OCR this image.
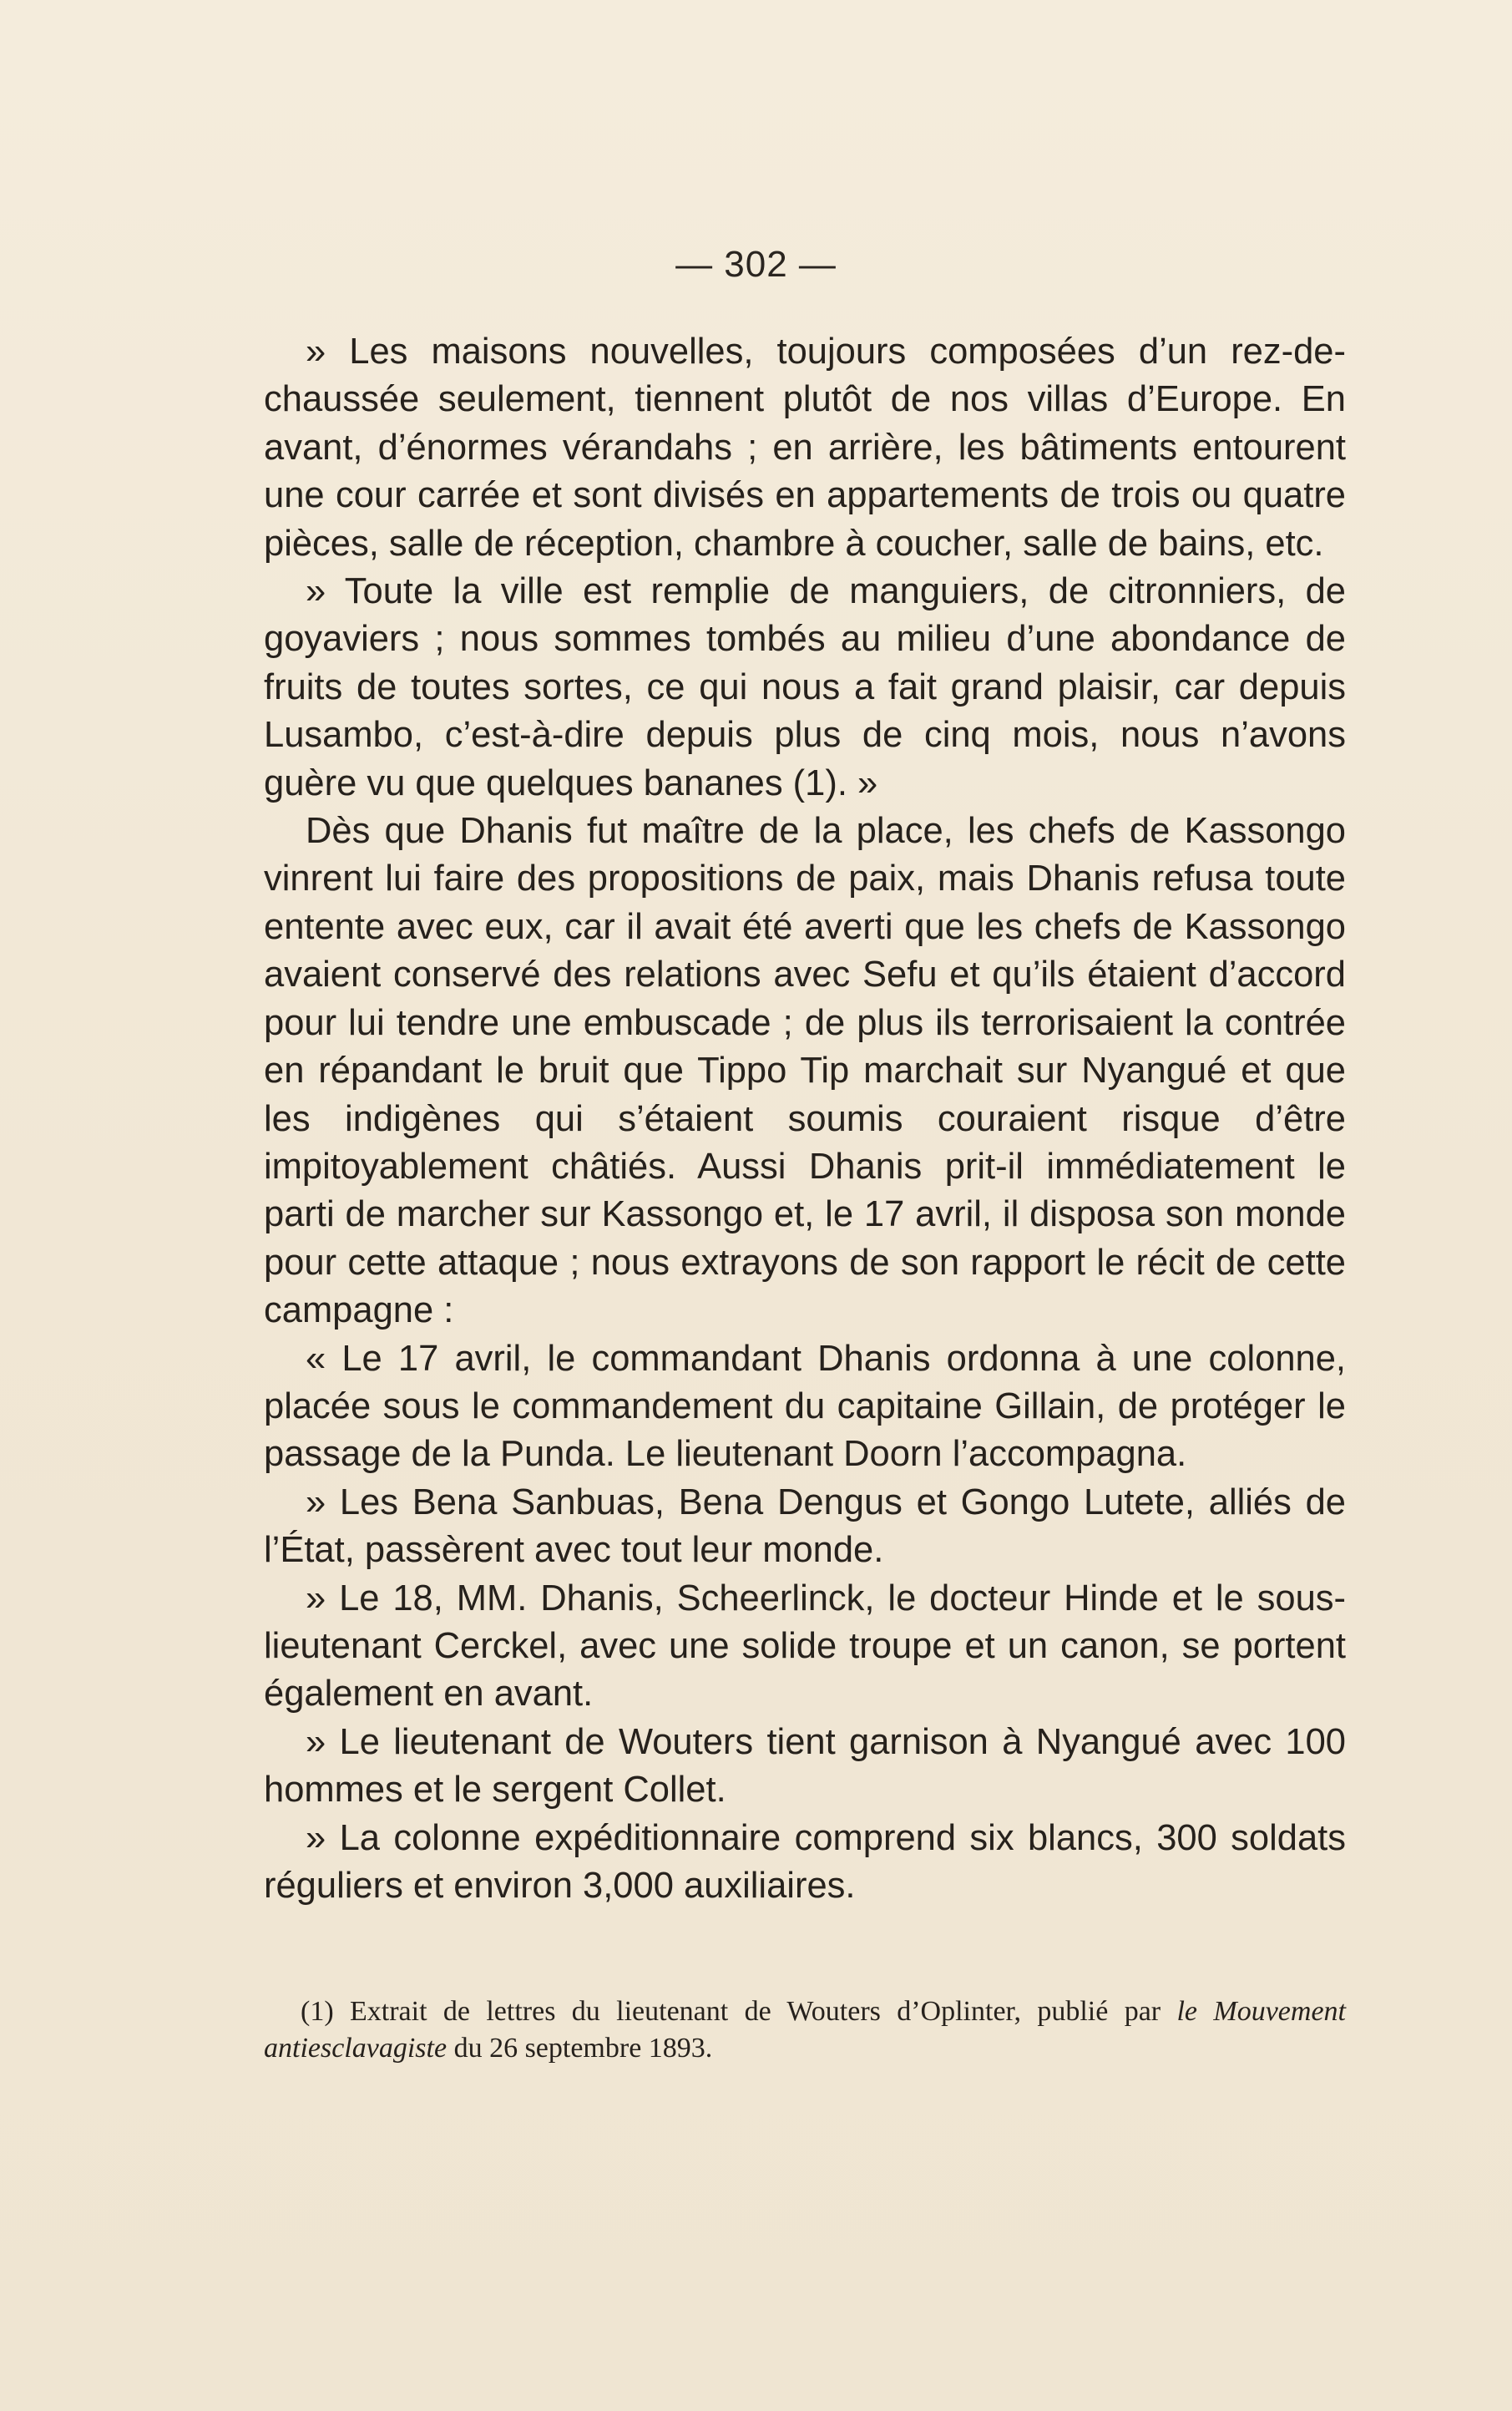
— 302 —

» Les maisons nouvelles, toujours composées d’un rez-de-chaussée seulement, tiennent plutôt de nos villas d’Europe. En avant, d’énormes vérandahs ; en arrière, les bâtiments entourent une cour carrée et sont divisés en appartements de trois ou quatre pièces, salle de réception, chambre à coucher, salle de bains, etc.

» Toute la ville est remplie de manguiers, de citronniers, de goyaviers ; nous sommes tombés au milieu d’une abondance de fruits de toutes sortes, ce qui nous a fait grand plaisir, car depuis Lusambo, c’est-à-dire depuis plus de cinq mois, nous n’avons guère vu que quelques bananes (1). »

Dès que Dhanis fut maître de la place, les chefs de Kassongo vinrent lui faire des propositions de paix, mais Dhanis refusa toute entente avec eux, car il avait été averti que les chefs de Kassongo avaient conservé des relations avec Sefu et qu’ils étaient d’accord pour lui tendre une embuscade ; de plus ils terrorisaient la contrée en répandant le bruit que Tippo Tip marchait sur Nyangué et que les indigènes qui s’étaient soumis couraient risque d’être impitoyablement châtiés. Aussi Dhanis prit-il immédiatement le parti de marcher sur Kassongo et, le 17 avril, il disposa son monde pour cette attaque ; nous extrayons de son rapport le récit de cette campagne :

« Le 17 avril, le commandant Dhanis ordonna à une colonne, placée sous le commandement du capitaine Gillain, de protéger le passage de la Punda. Le lieutenant Doorn l’accompagna.

» Les Bena Sanbuas, Bena Dengus et Gongo Lutete, alliés de l’État, passèrent avec tout leur monde.

» Le 18, MM. Dhanis, Scheerlinck, le docteur Hinde et le sous-lieutenant Cerckel, avec une solide troupe et un canon, se portent également en avant.

» Le lieutenant de Wouters tient garnison à Nyangué avec 100 hommes et le sergent Collet.

» La colonne expéditionnaire comprend six blancs, 300 soldats réguliers et environ 3,000 auxiliaires.

(1) Extrait de lettres du lieutenant de Wouters d’Oplinter, publié par le Mouvement antiesclavagiste du 26 septembre 1893.
